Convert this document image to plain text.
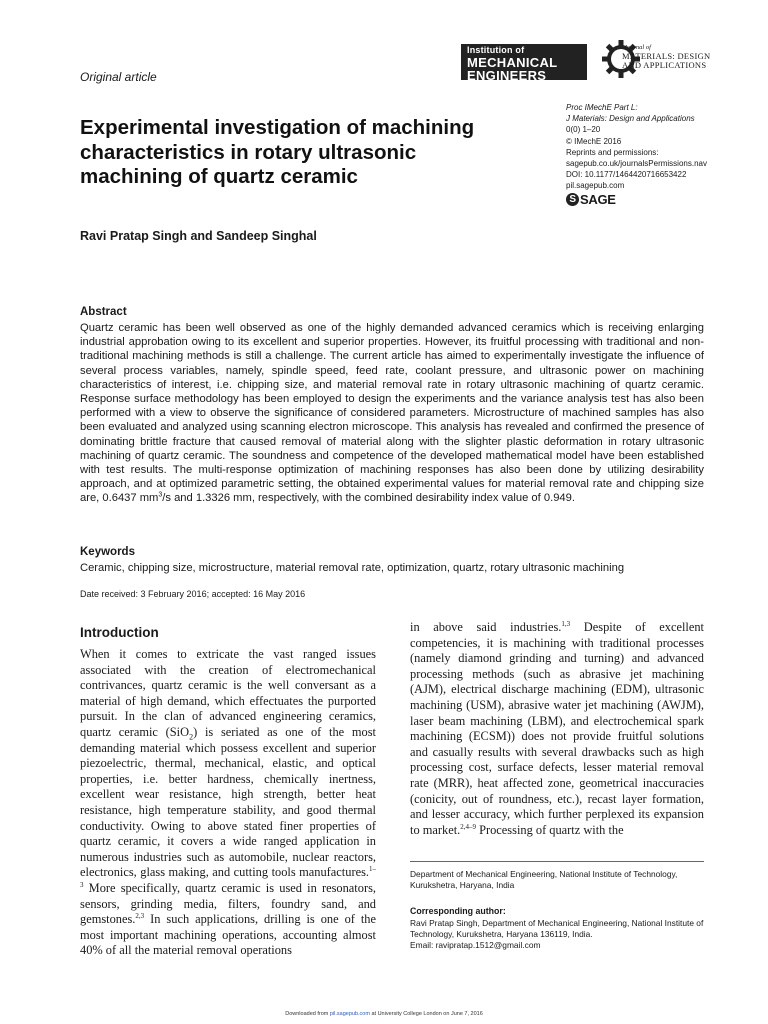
Original article
Institution of
MECHANICAL
ENGINEERS
Journal of
MATERIALS: DESIGN
AND APPLICATIONS
Proc IMechE Part L:
J Materials: Design and Applications
0(0) 1–20
© IMechE 2016
Reprints and permissions:
sagepub.co.uk/journalsPermissions.nav
DOI: 10.1177/1464420716653422
pil.sagepub.com
S SAGE
Experimental investigation of machining
characteristics in rotary ultrasonic
machining of quartz ceramic
Ravi Pratap Singh and Sandeep Singhal
Abstract
Quartz ceramic has been well observed as one of the highly demanded advanced ceramics which is receiving enlarging industrial approbation owing to its excellent and superior properties. However, its fruitful processing with traditional and non-traditional machining methods is still a challenge. The current article has aimed to experimentally investigate the influence of several process variables, namely, spindle speed, feed rate, coolant pressure, and ultrasonic power on machining characteristics of interest, i.e. chipping size, and material removal rate in rotary ultrasonic machining of quartz ceramic. Response surface methodology has been employed to design the experiments and the variance analysis test has also been performed with a view to observe the significance of considered parameters. Microstructure of machined samples has also been evaluated and analyzed using scanning electron microscope. This analysis has revealed and confirmed the presence of dominating brittle fracture that caused removal of material along with the slighter plastic deformation in rotary ultrasonic machining of quartz ceramic. The soundness and competence of the developed mathematical model have been established with test results. The multi-response optimization of machining responses has also been done by utilizing desirability approach, and at optimized parametric setting, the obtained experimental values for material removal rate and chipping size are, 0.6437 $mm^3/s$ and 1.3326 mm, respectively, with the combined desirability index value of 0.949.
Keywords
Ceramic, chipping size, microstructure, material removal rate, optimization, quartz, rotary ultrasonic machining
Date received: 3 February 2016; accepted: 16 May 2016
Introduction
When it comes to extricate the vast ranged issues associated with the creation of electromechanical contrivances, quartz ceramic is the well conversant as a material of high demand, which effectuates the purported pursuit. In the clan of advanced engineering ceramics, quartz ceramic (SiO$_2$) is seriated as one of the most demanding material which possess excellent and superior piezoelectric, thermal, mechanical, elastic, and optical properties, i.e. better hardness, chemically inertness, excellent wear resistance, high strength, better heat resistance, high temperature stability, and good thermal conductivity. Owing to above stated finer properties of quartz ceramic, it covers a wide ranged application in numerous industries such as automobile, nuclear reactors, electronics, glass making, and cutting tools manufactures.$^{1-3}$ More specifically, quartz ceramic is used in resonators, sensors, grinding media, filters, foundry sand, and gemstones.$^{2,3}$ In such applications, drilling is one of the most important machining operations, accounting almost 40% of all the material removal operations
in above said industries.$^{1,3}$ Despite of excellent competencies, it is machining with traditional processes (namely diamond grinding and turning) and advanced processing methods (such as abrasive jet machining (AJM), electrical discharge machining (EDM), ultrasonic machining (USM), abrasive water jet machining (AWJM), laser beam machining (LBM), and electrochemical spark machining (ECSM)) does not provide fruitful solutions and casually results with several drawbacks such as high processing cost, surface defects, lesser material removal rate (MRR), heat affected zone, geometrical inaccuracies (conicity, out of roundness, etc.), recast layer formation, and lesser accuracy, which further perplexed its expansion to market.$^{2,4-9}$ Processing of quartz with the
Department of Mechanical Engineering, National Institute of Technology, Kurukshetra, Haryana, India
Corresponding author:
Ravi Pratap Singh, Department of Mechanical Engineering, National Institute of Technology, Kurukshetra, Haryana 136119, India.
Email: ravipratap.1512@gmail.com
Downloaded from pil.sagepub.com at University College London on June 7, 2016
